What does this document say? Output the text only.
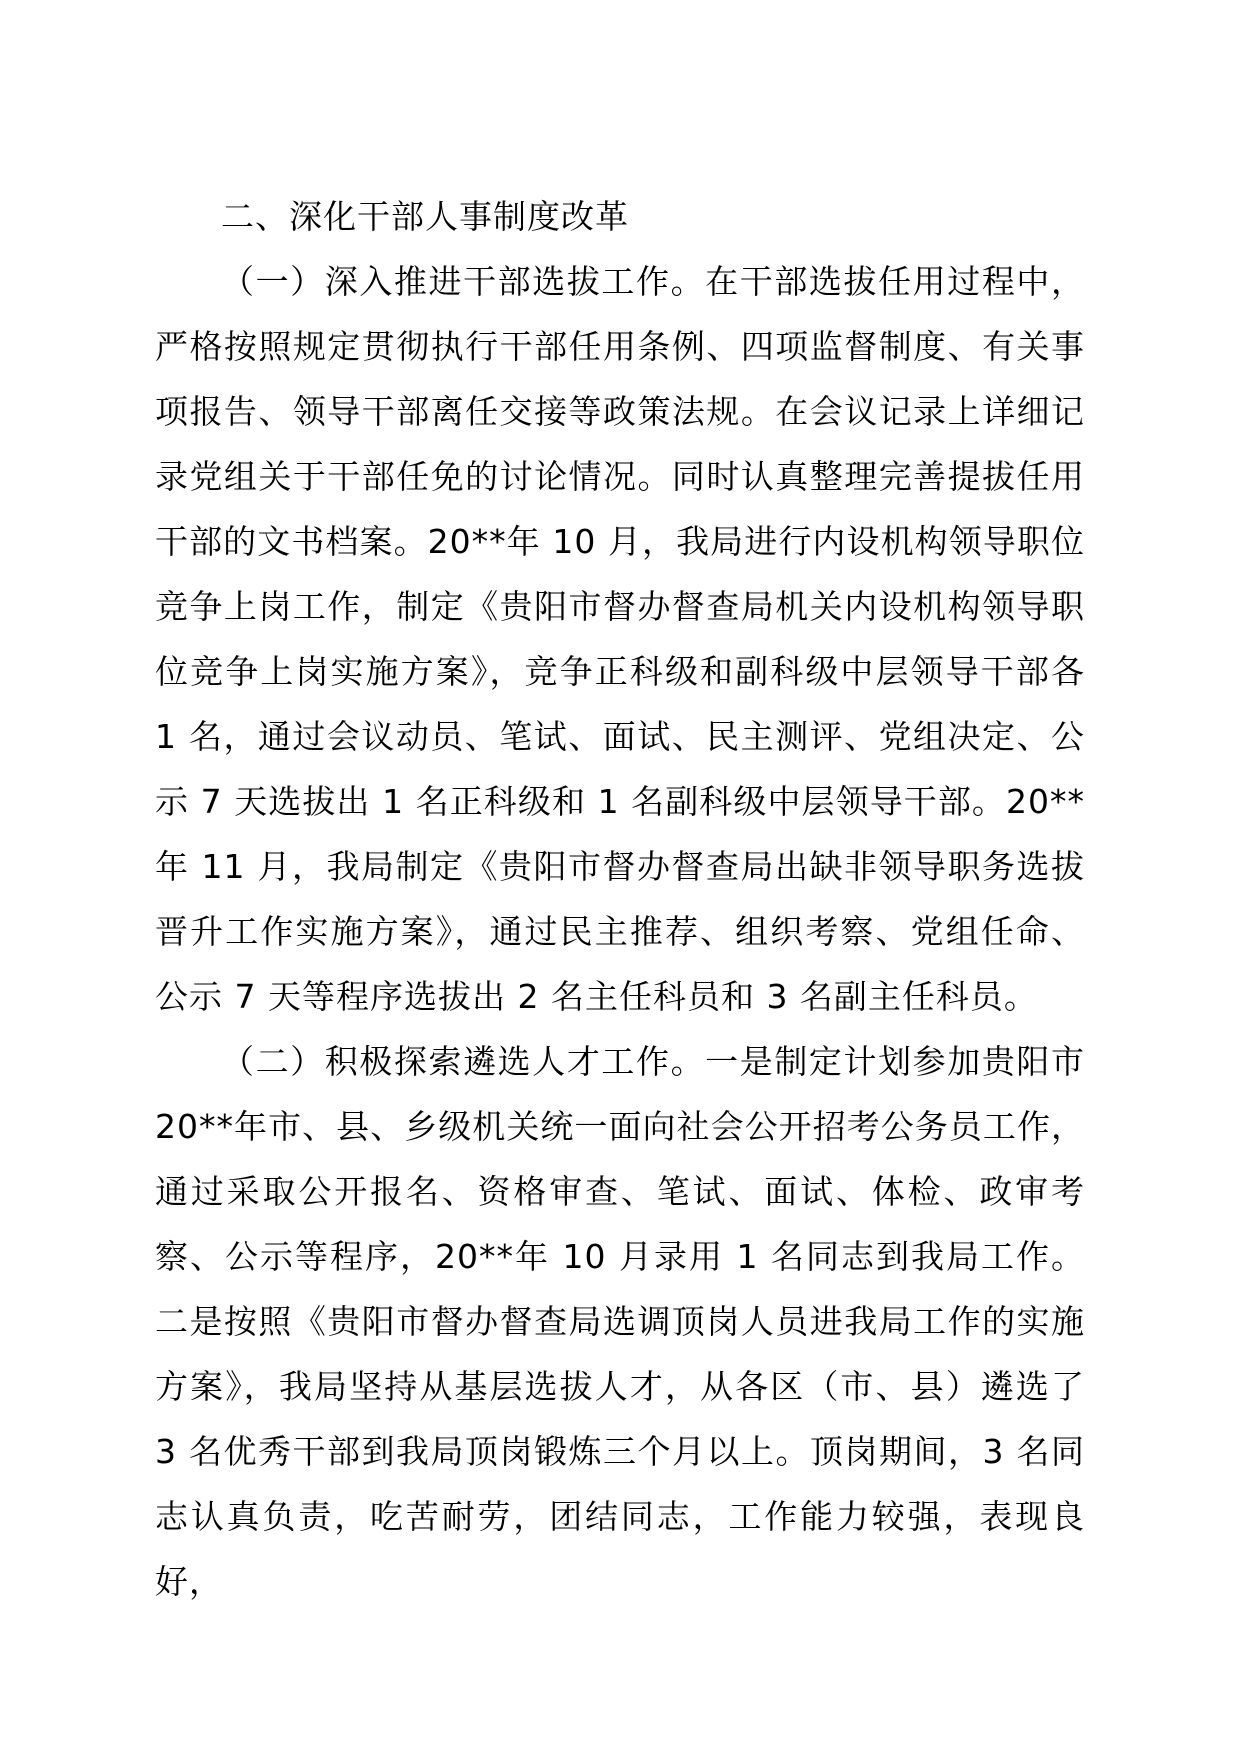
二、深化干部人事制度改革

（一）深入推进干部选拔工作。在干部选拔任用过程中，严格按照规定贯彻执行干部任用条例、四项监督制度、有关事项报告、领导干部离任交接等政策法规。在会议记录上详细记录党组关于干部任免的讨论情况。同时认真整理完善提拔任用干部的文书档案。20**年 10 月，我局进行内设机构领导职位竞争上岗工作，制定《贵阳市督办督查局机关内设机构领导职位竞争上岗实施方案》，竞争正科级和副科级中层领导干部各 1 名，通过会议动员、笔试、面试、民主测评、党组决定、公示 7 天选拔出 1 名正科级和 1 名副科级中层领导干部。20**年 11 月，我局制定《贵阳市督办督查局出缺非领导职务选拔晋升工作实施方案》，通过民主推荐、组织考察、党组任命、公示 7 天等程序选拔出 2 名主任科员和 3 名副主任科员。

（二）积极探索遴选人才工作。一是制定计划参加贵阳市 20**年市、县、乡级机关统一面向社会公开招考公务员工作，通过采取公开报名、资格审查、笔试、面试、体检、政审考察、公示等程序，20**年 10 月录用 1 名同志到我局工作。二是按照《贵阳市督办督查局选调顶岗人员进我局工作的实施方案》，我局坚持从基层选拔人才，从各区（市、县）遴选了 3 名优秀干部到我局顶岗锻炼三个月以上。顶岗期间，3 名同志认真负责，吃苦耐劳，团结同志，工作能力较强，表现良好，
